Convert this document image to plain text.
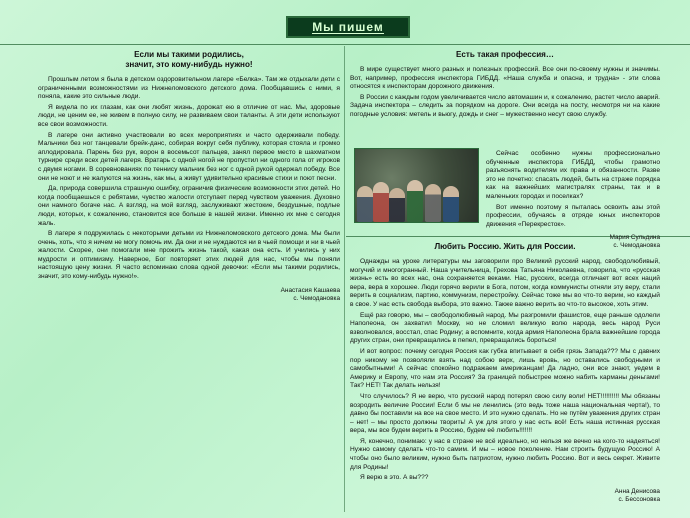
Мы пишем
Если мы такими родились,
значит, это кому-нибудь нужно!
Прошлым летом я была в детском оздоровительном лагере «Белка». Там же отдыхали дети с ограниченными возможностями из Нижнеломовского детского дома. Пообщавшись с ними, я поняла, какие это сильные люди.
Я видела по их глазам, как они любят жизнь, дорожат ею в отличие от нас. Мы, здоровые люди, не ценим ее, не живем в полную силу, не развиваем свои таланты. А эти дети используют все свои возможности.
В лагере они активно участвовали во всех мероприятиях и часто одерживали победу. Мальчики без ног танцевали брейк-данс, собирая вокруг себя публику, которая стояла и громко аплодировала. Парень без рук, ворон в восемьсот пальцев, занял первое место в шахматном турнире среди всех детей лагеря. Вратарь с одной ногой не пропустил ни одного гола от игроков с двумя ногами. В соревнованиях по теннису мальчик без ног с одной рукой одержал победу. Все они не ноют и не жалуются на жизнь, как мы, а живут удивительно красивые стихи и поют песни.
Да, природа совершила страшную ошибку, ограничив физические возможности этих детей. Но когда пообщаешься с ребятами, чувство жалости отступает перед чувством уважения. Духовно они намного богаче нас. А взгляд, на мой взгляд, заслуживают жестокие, бездушные, подлые люди, которых, к сожалению, становится все больше в нашей жизни. Именно их мне с сегодня жаль.
В лагере я подружилась с некоторыми детьми из Нижнеломовского детского дома. Мы были очень, хоть, что я ничем не могу помочь им. Да они и не нуждаются ни в чьей помощи и ни в чьей жалости. Скорее, они помогали мне прожить жизнь такой, какая она есть. И учились у них мудрости и оптимизму. Наверное, Бог повторяет этих людей для нас, чтобы мы поняли настоящую цену жизни. Я часто вспоминаю слова одной девочки: «Если мы такими родились, значит, это кому-нибудь нужно!».
Анастасия Кашаева
с. Чемодановка
Есть такая профессия…
В мире существует много разных и полезных профессий. Все они по-своему нужны и значимы. Вот, например, профессия инспектора ГИБДД. «Наша служба и опасна, и трудна» - эти слова относятся к инспекторам дорожного движения.
В России с каждым годом увеличивается число автомашин и, к сожалению, растет число аварий. Задача инспектора – следить за порядком на дороге. Они всегда на посту, несмотря ни на какие погодные условия: метель и вьюгу, дождь и снег – мужественно несут свою службу.
Сейчас особенно нужны профессионально обученные инспектора ГИБДД, чтобы грамотно разъяснять водителям их права и обязанности. Разве это не почетно: спасать людей, быть на страже порядка как на важнейших магистралях страны, так и в маленьких городах и поселках?
Вот именно поэтому я пыталась освоить азы этой профессии, обучаясь в отряде юных инспекторов движения «Перекресток».
Мария Сульдина
с. Чемодановка
Любить Россию. Жить для России.
Однажды на уроке литературы мы заговорили про Великий русский народ, свободолюбивый, могучий и многогранный. Наша учительница, Грехова Татьяна Николаевна, говорила, что «русская жизнь» есть во всех нас, она сохраняется веками. Нас, русских, всегда отличает вот всех наций вера, вера в хорошее. Люди горячо верили в Бога, потом, когда коммунисты отняли эту веру, стали верить в социализм, партию, коммунизм, перестройку. Сейчас тоже мы во что-то верим, но каждый в свое. У нас есть свобода выбора, это важно. Также важно верить во что-то высокое, хоть этим.
Ещё раз говорю, мы – свободолюбивый народ. Мы разгромили фашистов, еще раньше одолели Наполеона, он захватил Москву, но не сломил великую волю народа, весь народ Руси взволновался, восстал, спас Родину; а вспомните, когда армия Наполеона брала важнейшие города других стран, они превращались в пепел, превращались бороться!
И вот вопрос: почему сегодня Россия как губка впитывает в себя грязь Запада??? Мы с давних пор никому не позволяли взять над собою верх, лишь вровь, но оставались свободными и самобытными! А сейчас спокойно подражаем американцам! Да ладно, они все знают, уедем в Америку и Европу, что нам эта Россия? За границей побыстрее можно набить карманы деньгами! Так? НЕТ! Так делать нельзя!
Что случилось? Я не верю, что русский народ потерял свою силу воли! НЕТ!!!!!!!!!! Мы обязаны возродить величие России! Если б мы не ленились (это ведь тоже наша национальная черта!), то давно бы поставили на все на свое место. И это нужно сделать. Но не путём уважения других стран – нет! – мы просто должны творить! А уж для этого у нас есть всё! Есть наша истинная русская вера, мы все будем верить в Россию, будем её любить!!!!!!!
Я, конечно, понимаю: у нас в стране не всё идеально, но нельзя же вечно на кого-то надеяться! Нужно самому сделать что-то самим. И мы – новое поколение. Нам строить будущую Россию! А чтобы оно было великим, нужно быть патриотом, нужно любить Россию. Вот и весь секрет. Живите для Родины!
Я верю в это. А вы???
Анна Денисова
с. Бессоновка
